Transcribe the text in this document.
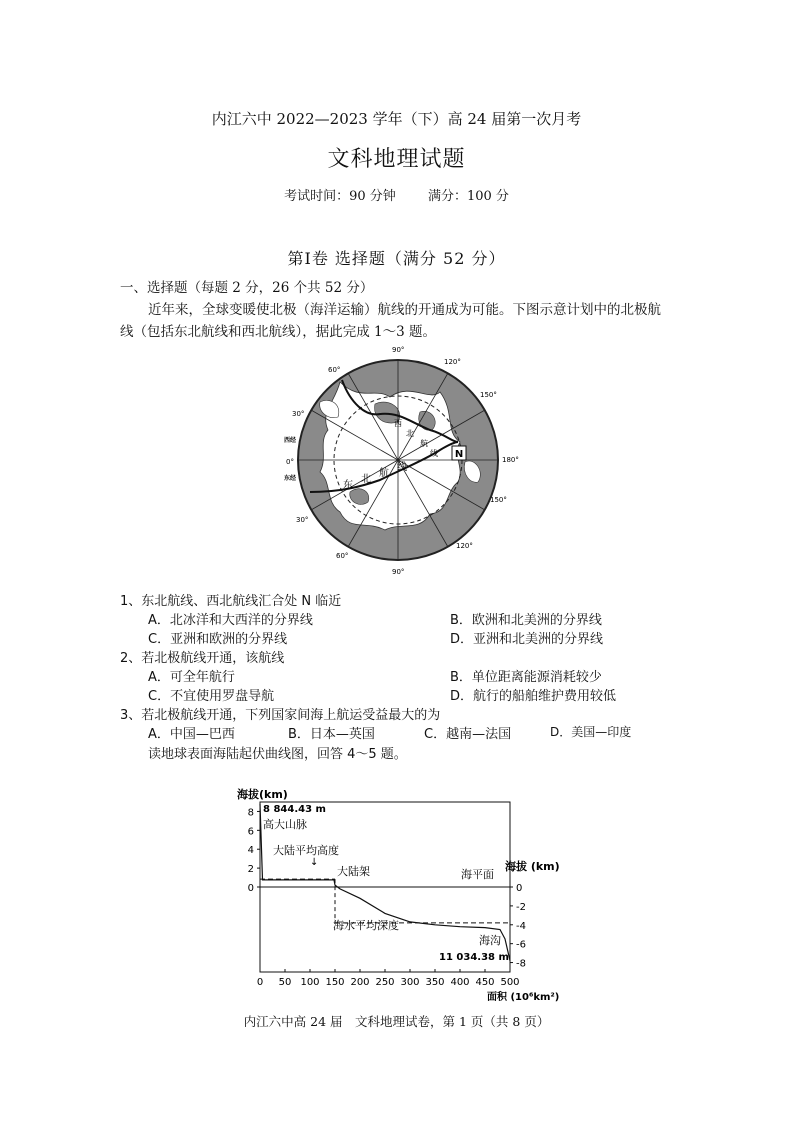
内江六中 2022—2023 学年（下）高 24 届第一次月考
文科地理试题
考试时间：90 分钟 满分：100 分
第Ⅰ卷 选择题（满分 52 分）
一、选择题（每题 2 分，26 个共 52 分）
近年来，全球变暖使北极（海洋运输）航线的开通成为可能。下图示意计划中的北极航
线（包括东北航线和西北航线），据此完成 1～3 题。
N
西
北
航
线
东
北
航
线
90°
120°
150°
180°
150°
120°
90°
60°
30°
0°
30°
60°
西经
东经
1、东北航线、西北航线汇合处 N 临近
A．北冰洋和大西洋的分界线	B．欧洲和北美洲的分界线
C．亚洲和欧洲的分界线	D．亚洲和北美洲的分界线
2、若北极航线开通，该航线
A．可全年航行	B．单位距离能源消耗较少
C．不宜使用罗盘导航	D．航行的船舶维护费用较低
3、若北极航线开通，下列国家间海上航运受益最大的为
A．中国—巴西	B．日本—英国	C．越南—法国	D．美国—印度
读地球表面海陆起伏曲线图，回答 4～5 题。
0 50 100 150 200 250 300 350 400 450 500
8
6
4
2
0	0
-2
-4
-6
-8
海拔(km)
海拔 (km)
面积 (10⁶km²)
8 844.43 m
高大山脉
大陆平均高度
↓
大陆架	海平面
海水平均深度
海沟
11 034.38 m
内江六中高 24 届　文科地理试卷，第 1 页（共 8 页）
